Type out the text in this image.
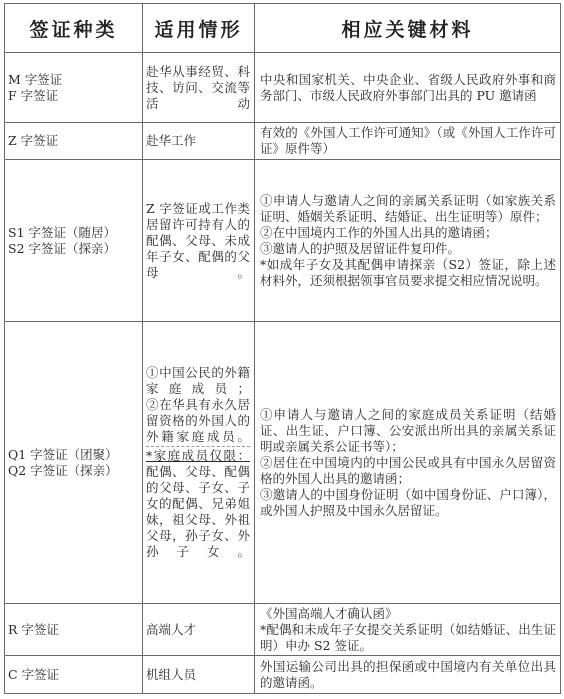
签证种类	适用情形	相应关键材料

M 字签证
F 字签证	赴华从事经贸、科技、访问、交流等活动	中央和国家机关、中央企业、省级人民政府外事和商务部门、市级人民政府外事部门出具的 PU 邀请函

Z 字签证	赴华工作	有效的《外国人工作许可通知》（或《外国人工作许可证》原件等）

S1 字签证（随居）
S2 字签证（探亲）	Z 字签证或工作类居留许可持有人的配偶、父母、未成年子女、配偶的父母。	①申请人与邀请人之间的亲属关系证明（如家族关系证明、婚姻关系证明、结婚证、出生证明等）原件；
②在中国境内工作的外国人出具的邀请函；
③邀请人的护照及居留证件复印件。
*如成年子女及其配偶申请探亲（S2）签证，除上述材料外，还须根据领事官员要求提交相应情况说明。

Q1 字签证（团聚）
Q2 字签证（探亲）	①中国公民的外籍家庭成员；
②在华具有永久居留资格的外国人的外籍家庭成员。
*家庭成员仅限：配偶、父母、配偶的父母、子女、子女的配偶、兄弟姐妹，祖父母、外祖父母，孙子女、外孙子女。	①申请人与邀请人之间的家庭成员关系证明（结婚证、出生证、户口簿、公安派出所出具的亲属关系证明或亲属关系公证书等）；
②居住在中国境内的中国公民或具有中国永久居留资格的外国人出具的邀请函；
③邀请人的中国身份证明（如中国身份证、户口簿），或外国人护照及中国永久居留证。

R 字签证	高端人才	《外国高端人才确认函》
*配偶和未成年子女提交关系证明（如结婚证、出生证明）申办 S2 签证。

C 字签证	机组人员	外国运输公司出具的担保函或中国境内有关单位出具的邀请函。
